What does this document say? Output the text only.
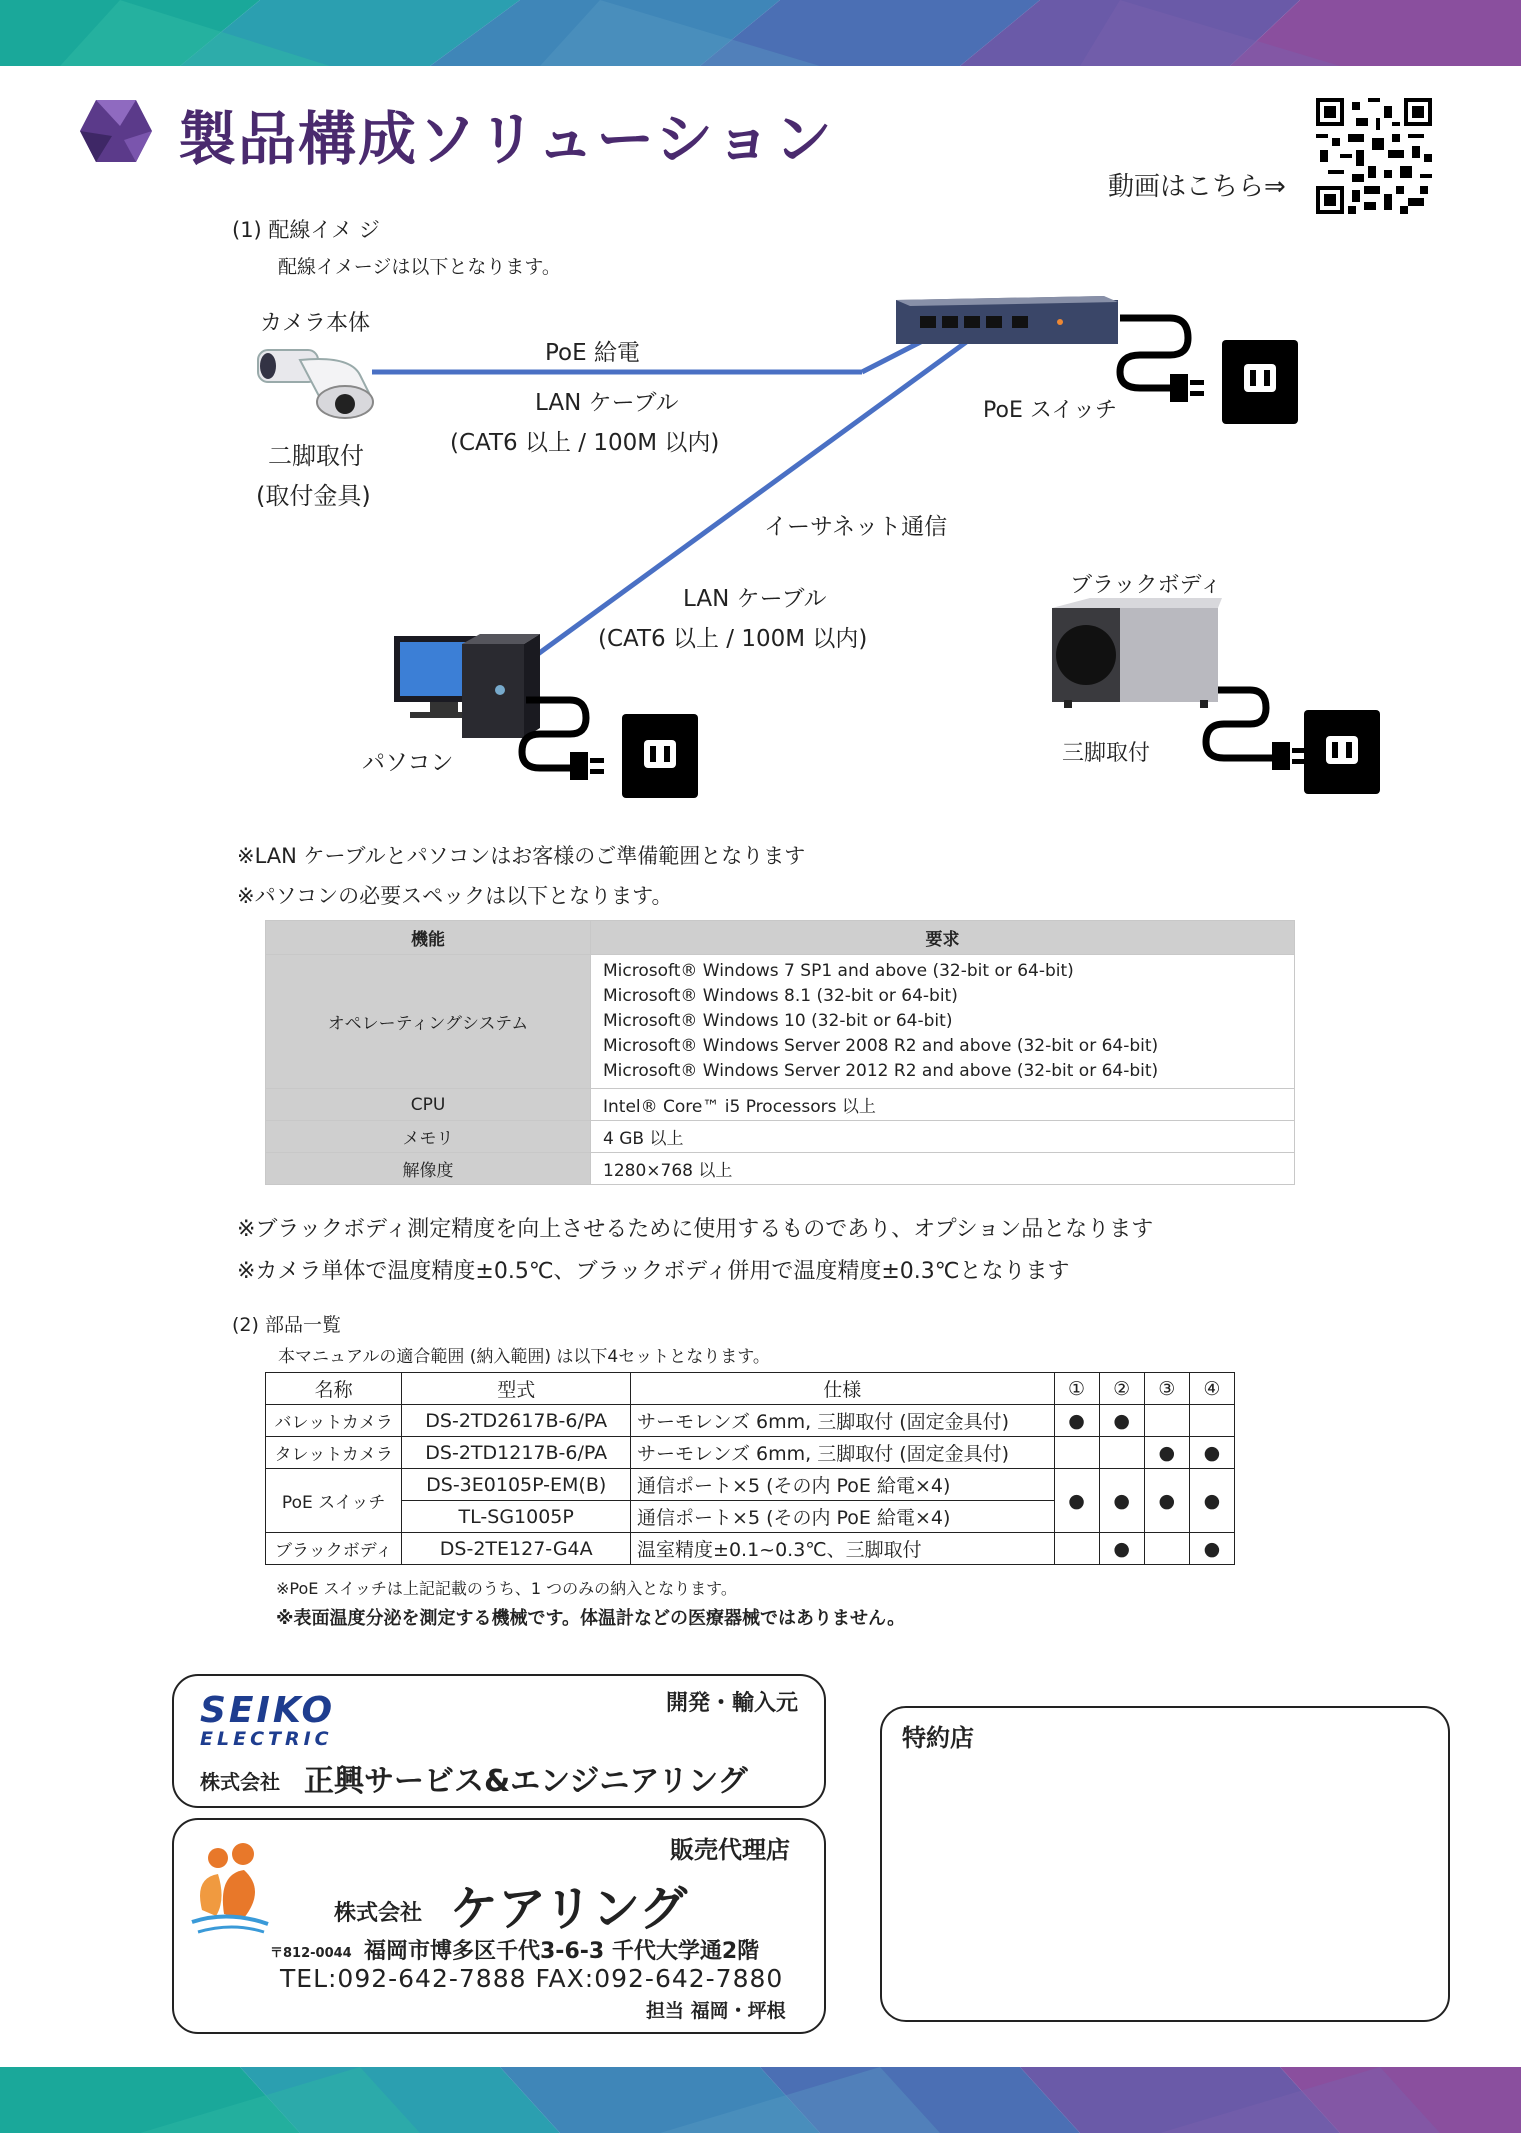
製品構成ソリューション
動画はこちら⇒
(1) 配線イメ ジ
配線イメージは以下となります。
カメラ本体
二脚取付
(取付金具)
PoE 給電
LAN ケーブル
(CAT6 以上 / 100M 以内)
PoE スイッチ
イーサネット通信
LAN ケーブル
(CAT6 以上 / 100M 以内)
パソコン
ブラックボディ
三脚取付
※LAN ケーブルとパソコンはお客様のご準備範囲となります
※パソコンの必要スペックは以下となります。
機能	要求
オペレーティングシステム	Microsoft® Windows 7 SP1 and above (32-bit or 64-bit)
Microsoft® Windows 8.1 (32-bit or 64-bit)
Microsoft® Windows 10 (32-bit or 64-bit)
Microsoft® Windows Server 2008 R2 and above (32-bit or 64-bit)
Microsoft® Windows Server 2012 R2 and above (32-bit or 64-bit)

CPU	Intel® Core™ i5 Processors 以上
メモリ	4 GB 以上
解像度	1280×768 以上
※ブラックボディ測定精度を向上させるために使用するものであり、オプション品となります
※カメラ単体で温度精度±0.5℃、ブラックボディ併用で温度精度±0.3℃となります
(2) 部品一覧
本マニュアルの適合範囲 (納入範囲) は以下4セットとなります。
名称	型式	仕様	①	②	③	④
バレットカメラ	DS-2TD2617B-6/PA	サーモレンズ 6mm, 三脚取付 (固定金具付)	●	●		
タレットカメラ	DS-2TD1217B-6/PA	サーモレンズ 6mm, 三脚取付 (固定金具付)			●	●
PoE スイッチ	DS-3E0105P-EM(B)	通信ポート×5 (その内 PoE 給電×4)	●	●	●	●
	TL-SG1005P	通信ポート×5 (その内 PoE 給電×4)				
ブラックボディ	DS-2TE127-G4A	温室精度±0.1~0.3℃、三脚取付		●		●
※PoE スイッチは上記記載のうち、1 つのみの納入となります。
※表面温度分泌を測定する機械です。体温計などの医療器械ではありません。
SEIKO
ELECTRIC
開発・輸入元
株式会社 正興サービス&エンジニアリング
販売代理店
株式会社 ケアリング
〒812-0044 福岡市博多区千代3-6-3 千代大学通2階
TEL:092-642-7888 FAX:092-642-7880
担当 福岡・坪根
特約店
